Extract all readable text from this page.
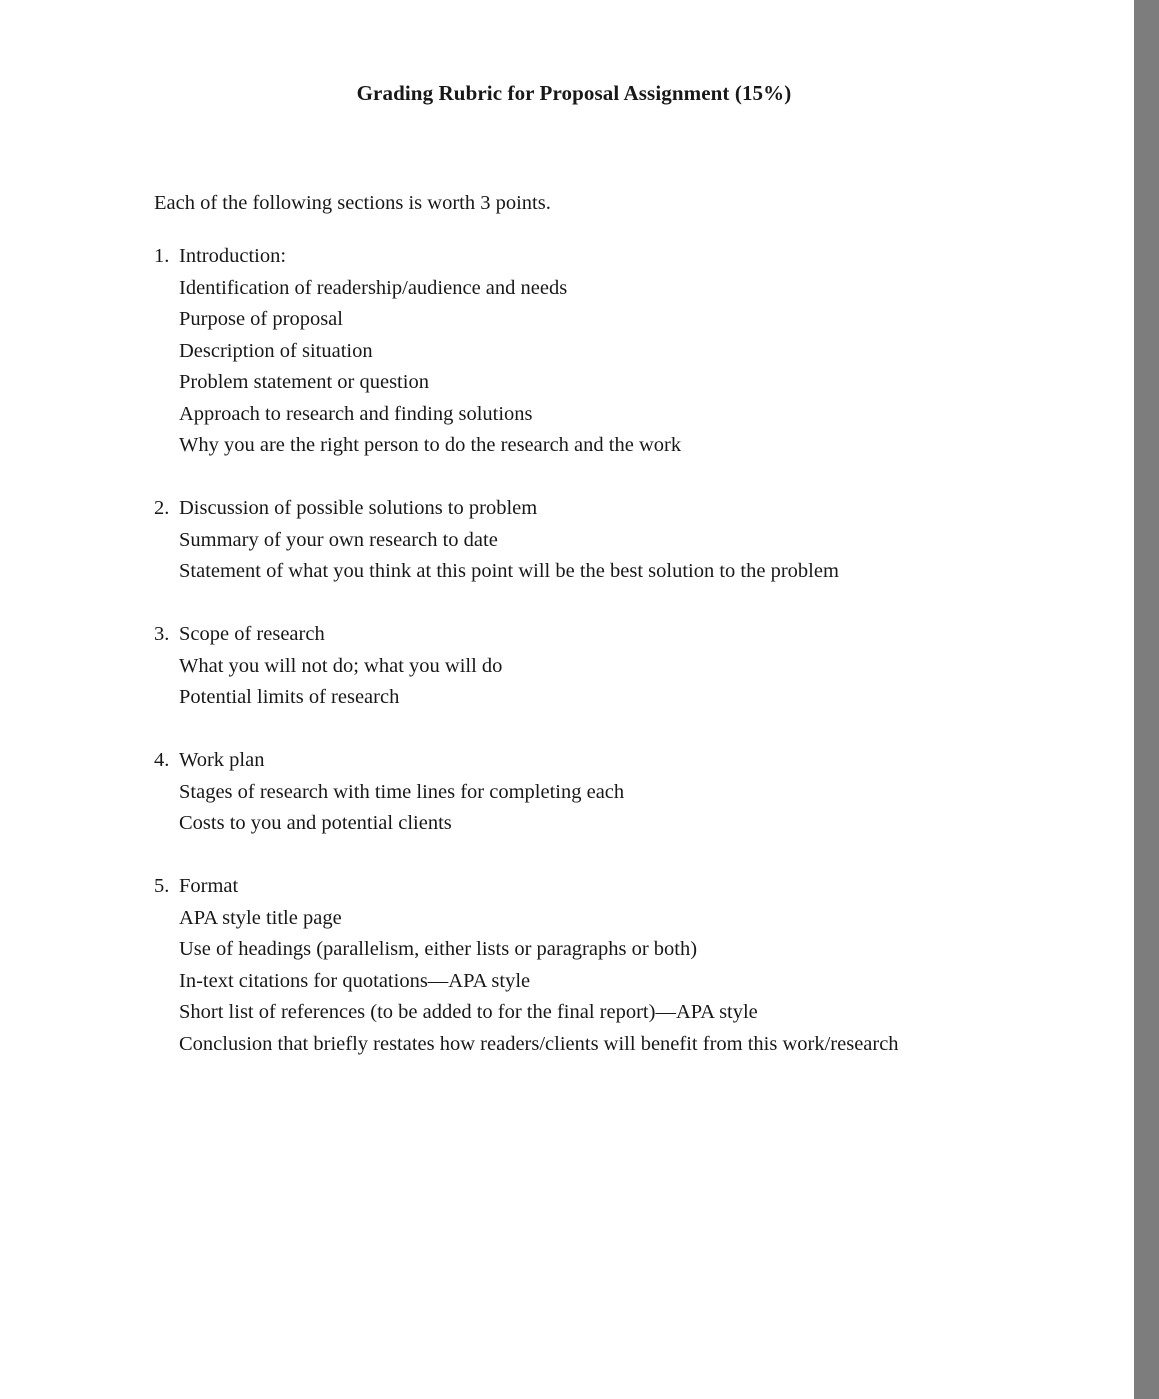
Grading Rubric for Proposal Assignment (15%)

Each of the following sections is worth 3 points.

1. Introduction:
Identification of readership/audience and needs
Purpose of proposal
Description of situation
Problem statement or question
Approach to research and finding solutions
Why you are the right person to do the research and the work
2. Discussion of possible solutions to problem
Summary of your own research to date
Statement of what you think at this point will be the best solution to the problem
3. Scope of research
What you will not do; what you will do
Potential limits of research
4. Work plan
Stages of research with time lines for completing each
Costs to you and potential clients
5. Format
APA style title page
Use of headings (parallelism, either lists or paragraphs or both)
In-text citations for quotations—APA style
Short list of references (to be added to for the final report)—APA style
Conclusion that briefly restates how readers/clients will benefit from this work/research
